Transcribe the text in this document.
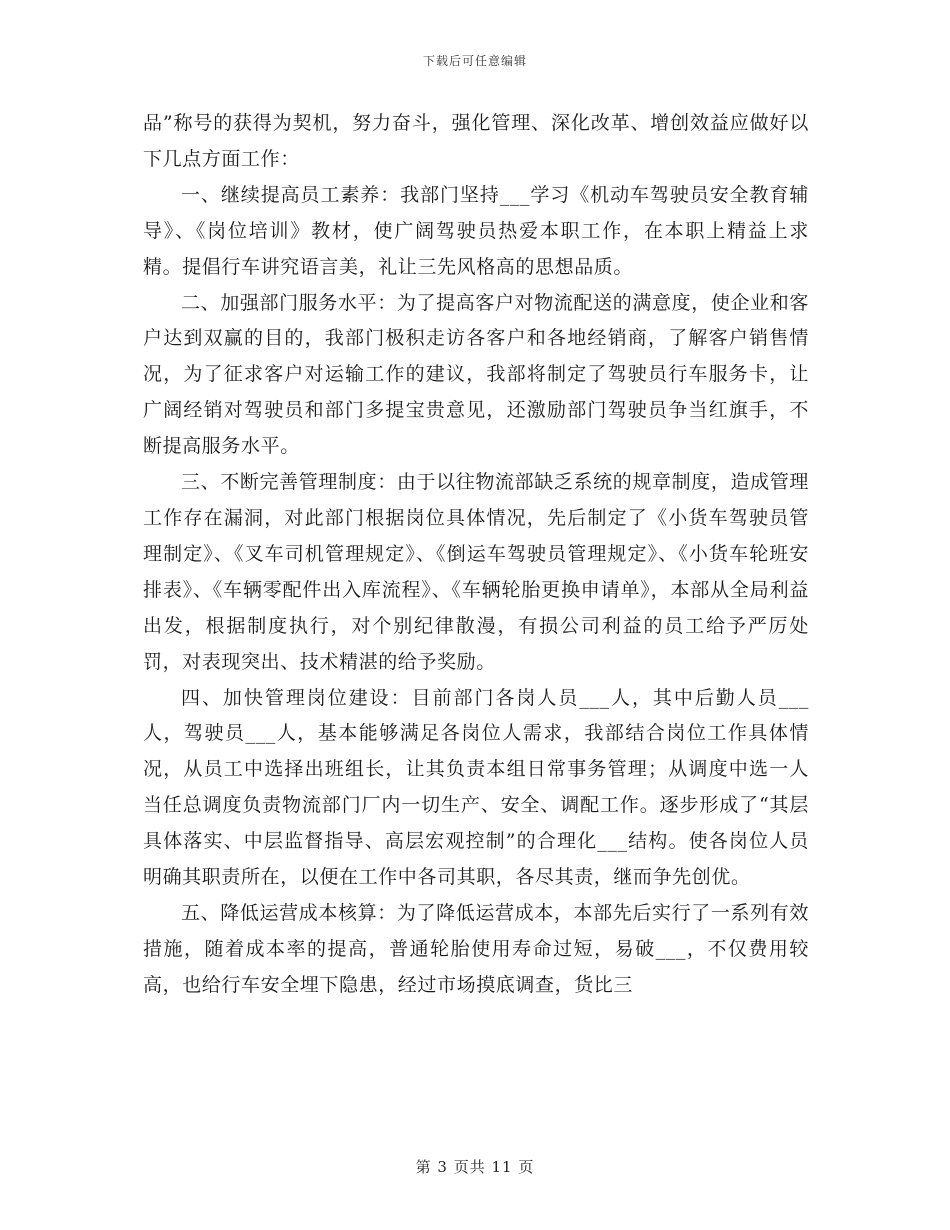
下载后可任意编辑

品”称号的获得为契机，努力奋斗，强化管理、深化改革、增创效益应做好以下几点方面工作：

一、继续提高员工素养：我部门坚持___学习《机动车驾驶员安全教育辅导》、《岗位培训》教材，使广阔驾驶员热爱本职工作，在本职上精益上求精。提倡行车讲究语言美，礼让三先风格高的思想品质。

二、加强部门服务水平：为了提高客户对物流配送的满意度，使企业和客户达到双赢的目的，我部门极积走访各客户和各地经销商，了解客户销售情况，为了征求客户对运输工作的建议，我部将制定了驾驶员行车服务卡，让广阔经销对驾驶员和部门多提宝贵意见，还激励部门驾驶员争当红旗手，不断提高服务水平。

三、不断完善管理制度：由于以往物流部缺乏系统的规章制度，造成管理工作存在漏洞，对此部门根据岗位具体情况，先后制定了《小货车驾驶员管理制定》、《叉车司机管理规定》、《倒运车驾驶员管理规定》、《小货车轮班安排表》、《车辆零配件出入库流程》、《车辆轮胎更换申请单》，本部从全局利益出发，根据制度执行，对个别纪律散漫，有损公司利益的员工给予严厉处罚，对表现突出、技术精湛的给予奖励。

四、加快管理岗位建设：目前部门各岗人员___人，其中后勤人员___人，驾驶员___人，基本能够满足各岗位人需求，我部结合岗位工作具体情况，从员工中选择出班组长，让其负责本组日常事务管理；从调度中选一人当任总调度负责物流部门厂内一切生产、安全、调配工作。逐步形成了“其层具体落实、中层监督指导、高层宏观控制”的合理化___结构。使各岗位人员明确其职责所在，以便在工作中各司其职，各尽其责，继而争先创优。

五、降低运营成本核算：为了降低运营成本，本部先后实行了一系列有效措施，随着成本率的提高，普通轮胎使用寿命过短，易破___，不仅费用较高，也给行车安全埋下隐患，经过市场摸底调查，货比三

第 3 页共 11 页
